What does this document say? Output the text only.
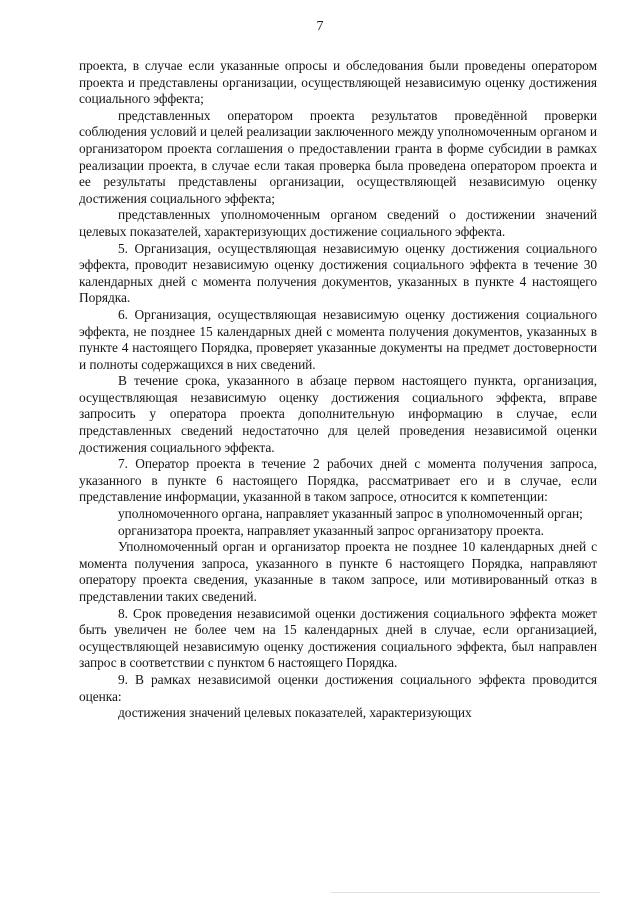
7

проекта, в случае если указанные опросы и обследования были проведены оператором проекта и представлены организации, осуществляющей независимую оценку достижения социального эффекта;

представленных оператором проекта результатов проведённой проверки соблюдения условий и целей реализации заключенного между уполномоченным органом и организатором проекта соглашения о предоставлении гранта в форме субсидии в рамках реализации проекта, в случае если такая проверка была проведена оператором проекта и ее результаты представлены организации, осуществляющей независимую оценку достижения социального эффекта;

представленных уполномоченным органом сведений о достижении значений целевых показателей, характеризующих достижение социального эффекта.

5. Организация, осуществляющая независимую оценку достижения социального эффекта, проводит независимую оценку достижения социального эффекта в течение 30 календарных дней с момента получения документов, указанных в пункте 4 настоящего Порядка.

6. Организация, осуществляющая независимую оценку достижения социального эффекта, не позднее 15 календарных дней с момента получения документов, указанных в пункте 4 настоящего Порядка, проверяет указанные документы на предмет достоверности и полноты содержащихся в них сведений.

В течение срока, указанного в абзаце первом настоящего пункта, организация, осуществляющая независимую оценку достижения социального эффекта, вправе запросить у оператора проекта дополнительную информацию в случае, если представленных сведений недостаточно для целей проведения независимой оценки достижения социального эффекта.

7. Оператор проекта в течение 2 рабочих дней с момента получения запроса, указанного в пункте 6 настоящего Порядка, рассматривает его и в случае, если представление информации, указанной в таком запросе, относится к компетенции:

уполномоченного органа, направляет указанный запрос в уполномоченный орган;

организатора проекта, направляет указанный запрос организатору проекта.

Уполномоченный орган и организатор проекта не позднее 10 календарных дней с момента получения запроса, указанного в пункте 6 настоящего Порядка, направляют оператору проекта сведения, указанные в таком запросе, или мотивированный отказ в представлении таких сведений.

8. Срок проведения независимой оценки достижения социального эффекта может быть увеличен не более чем на 15 календарных дней в случае, если организацией, осуществляющей независимую оценку достижения социального эффекта, был направлен запрос в соответствии с пунктом 6 настоящего Порядка.

9. В рамках независимой оценки достижения социального эффекта проводится оценка:

достижения значений целевых показателей, характеризующих
